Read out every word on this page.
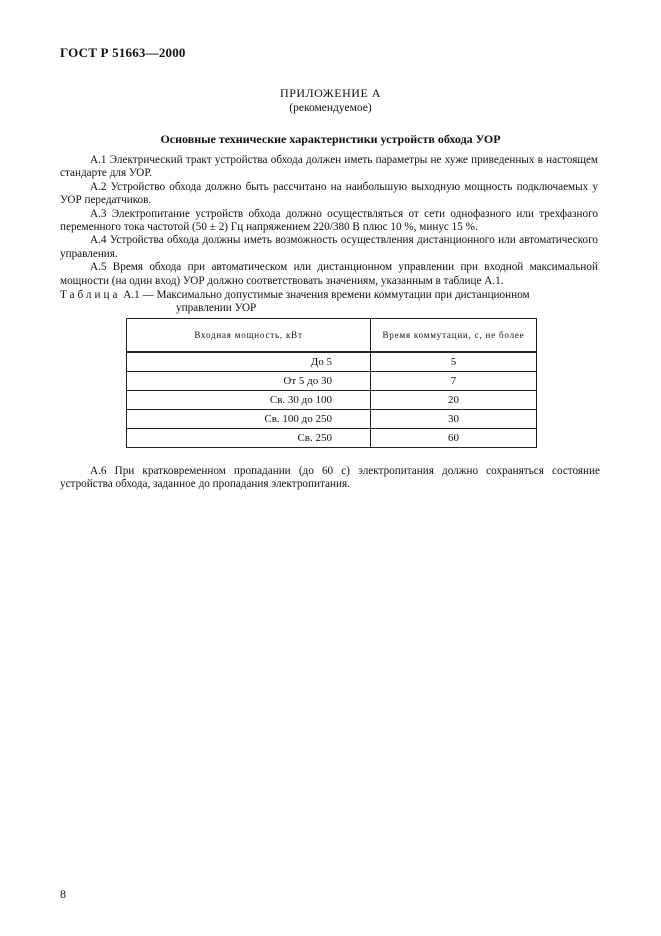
ГОСТ Р 51663—2000
ПРИЛОЖЕНИЕ А
(рекомендуемое)
Основные технические характеристики устройств обхода УОР

А.1 Электрический тракт устройства обхода должен иметь параметры не хуже приведенных в настоящем стандарте для УОР.

А.2 Устройство обхода должно быть рассчитано на наибольшую выходную мощность подключаемых у УОР передатчиков.

А.3 Электропитание устройств обхода должно осуществляться от сети однофазного или трехфазного переменного тока частотой (50 ± 2) Гц напряжением 220/380 В плюс 10 %, минус 15 %.

А.4 Устройства обхода должны иметь возможность осуществления дистанционного или автоматического управления.

А.5 Время обхода при автоматическом или дистанционном управлении при входной максимальной мощности (на один вход) УОР должно соответствовать значениям, указанным в таблице А.1.

Таблица А.1 — Максимально допустимые значения времени коммутации при дистанционном
управлении УОР
Входная мощность, кВт	Время коммутации, с, не более
До 5	5
От 5 до 30	7
Св. 30 до 100	20
Св. 100 до 250	30
Св. 250	60

А.6 При кратковременном пропадании (до 60 с) электропитания должно сохраняться состояние устройства обхода, заданное до пропадания электропитания.

8
